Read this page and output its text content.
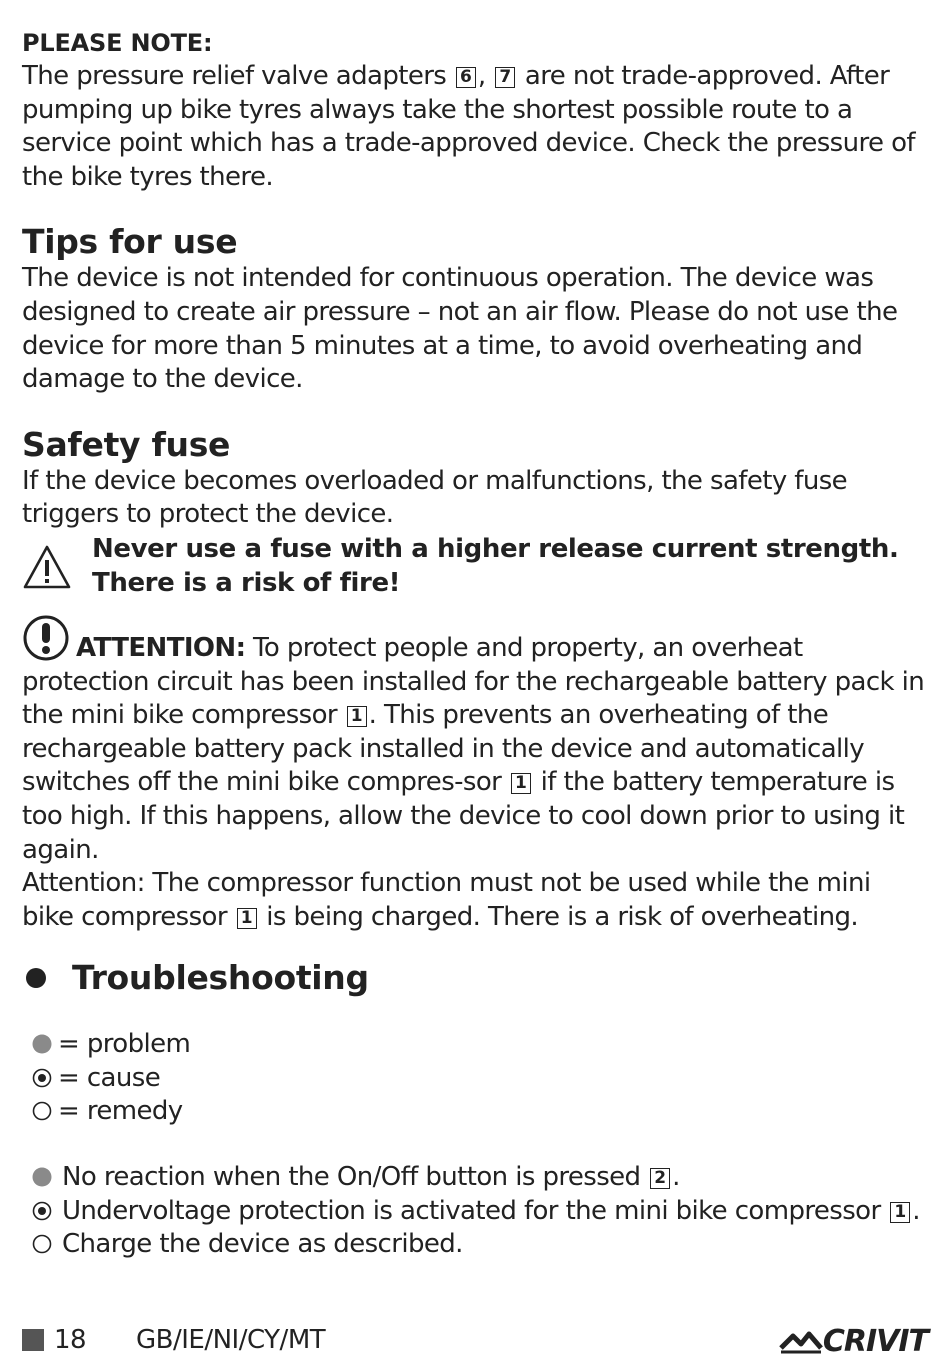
PLEASE NOTE:

The pressure relief valve adapters 6 , 7 are not trade-approved. After pumping up bike tyres always take the shortest possible route to a service point which has a trade-approved device. Check the pressure of the bike tyres there.

Tips for use

The device is not intended for continuous operation. The device was designed to create air pressure – not an air flow. Please do not use the device for more than 5 minutes at a time, to avoid overheating and damage to the device.

Safety fuse

If the device becomes overloaded or malfunctions, the safety fuse triggers to protect the device.

Never use a fuse with a higher release current strength.

There is a risk of fire!

ATTENTION: To protect people and property, an overheat protection circuit has been installed for the rechargeable battery pack in the mini bike compressor 1 . This prevents an overheating of the rechargeable battery pack installed in the device and automatically switches off the mini bike compres-sor 1 if the battery temperature is too high. If this happens, allow the device to cool down prior to using it again.

Attention: The compressor function must not be used while the mini bike compressor 1 is being charged. There is a risk of overheating.

Troubleshooting

= problem

= cause

= remedy

No reaction when the On/Off button is pressed 2 .

Undervoltage protection is activated for the mini bike compressor 1 .

Charge the device as described.

18 GB/IE/NI/CY/MT	CRIVIT
